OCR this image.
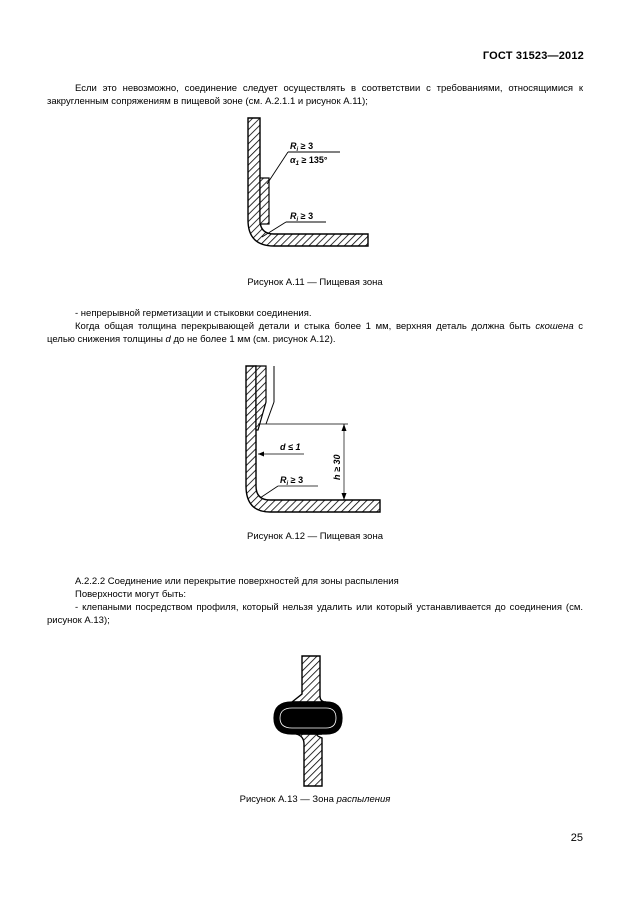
ГОСТ 31523—2012
Если это невозможно, соединение следует осуществлять в соответствии с требованиями, относящимися к закругленным сопряжениям в пищевой зоне (см. А.2.1.1 и рисунок А.11);
$R_i \ge 3$
$\alpha_1 \ge 135^\circ$
$R_i \ge 3$
Рисунок А.11 — Пищевая зона
- непрерывной герметизации и стыковки соединения.
Когда общая толщина перекрывающей детали и стыка более 1 мм, верхняя деталь должна быть скошена с целью снижения толщины d до не более 1 мм (см. рисунок А.12).
h ≥ 30
d ≤ 1
$R_i \ge 3$
Рисунок А.12 — Пищевая зона
А.2.2.2 Соединение или перекрытие поверхностей для зоны распыления
Поверхности могут быть:
- клепаными посредством профиля, который нельзя удалить или который устанавливается до соединения (см. рисунок А.13);
Рисунок А.13 — Зона распыления
25
